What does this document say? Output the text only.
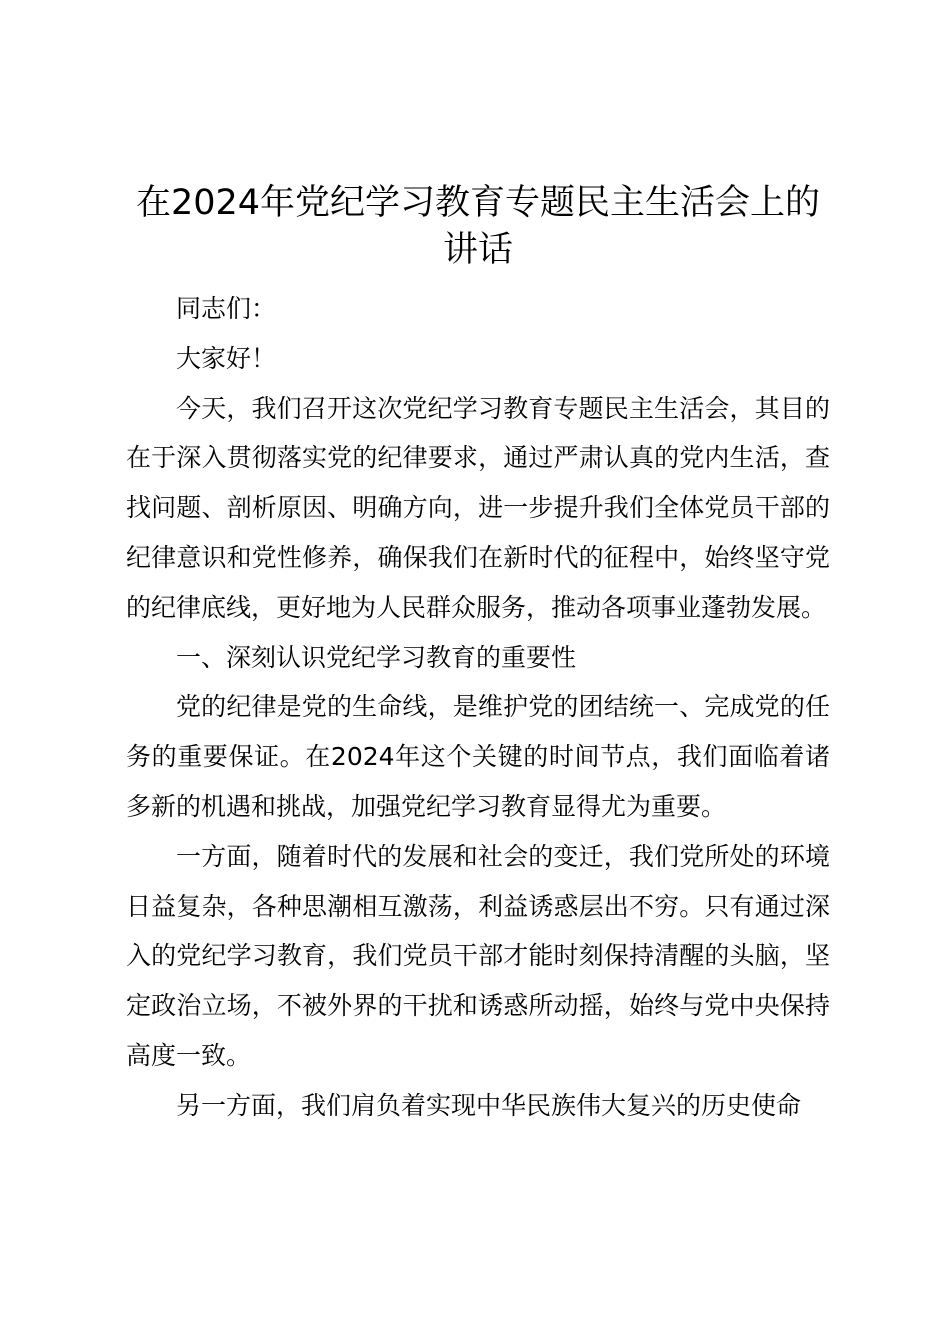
在2024年党纪学习教育专题民主生活会上的讲话

同志们：

大家好！

今天，我们召开这次党纪学习教育专题民主生活会，其目的在于深入贯彻落实党的纪律要求，通过严肃认真的党内生活，查找问题、剖析原因、明确方向，进一步提升我们全体党员干部的纪律意识和党性修养，确保我们在新时代的征程中，始终坚守党的纪律底线，更好地为人民群众服务，推动各项事业蓬勃发展。

一、深刻认识党纪学习教育的重要性

党的纪律是党的生命线，是维护党的团结统一、完成党的任务的重要保证。在2024年这个关键的时间节点，我们面临着诸多新的机遇和挑战，加强党纪学习教育显得尤为重要。

一方面，随着时代的发展和社会的变迁，我们党所处的环境日益复杂，各种思潮相互激荡，利益诱惑层出不穷。只有通过深入的党纪学习教育，我们党员干部才能时刻保持清醒的头脑，坚定政治立场，不被外界的干扰和诱惑所动摇，始终与党中央保持高度一致。

另一方面，我们肩负着实现中华民族伟大复兴的历史使命
